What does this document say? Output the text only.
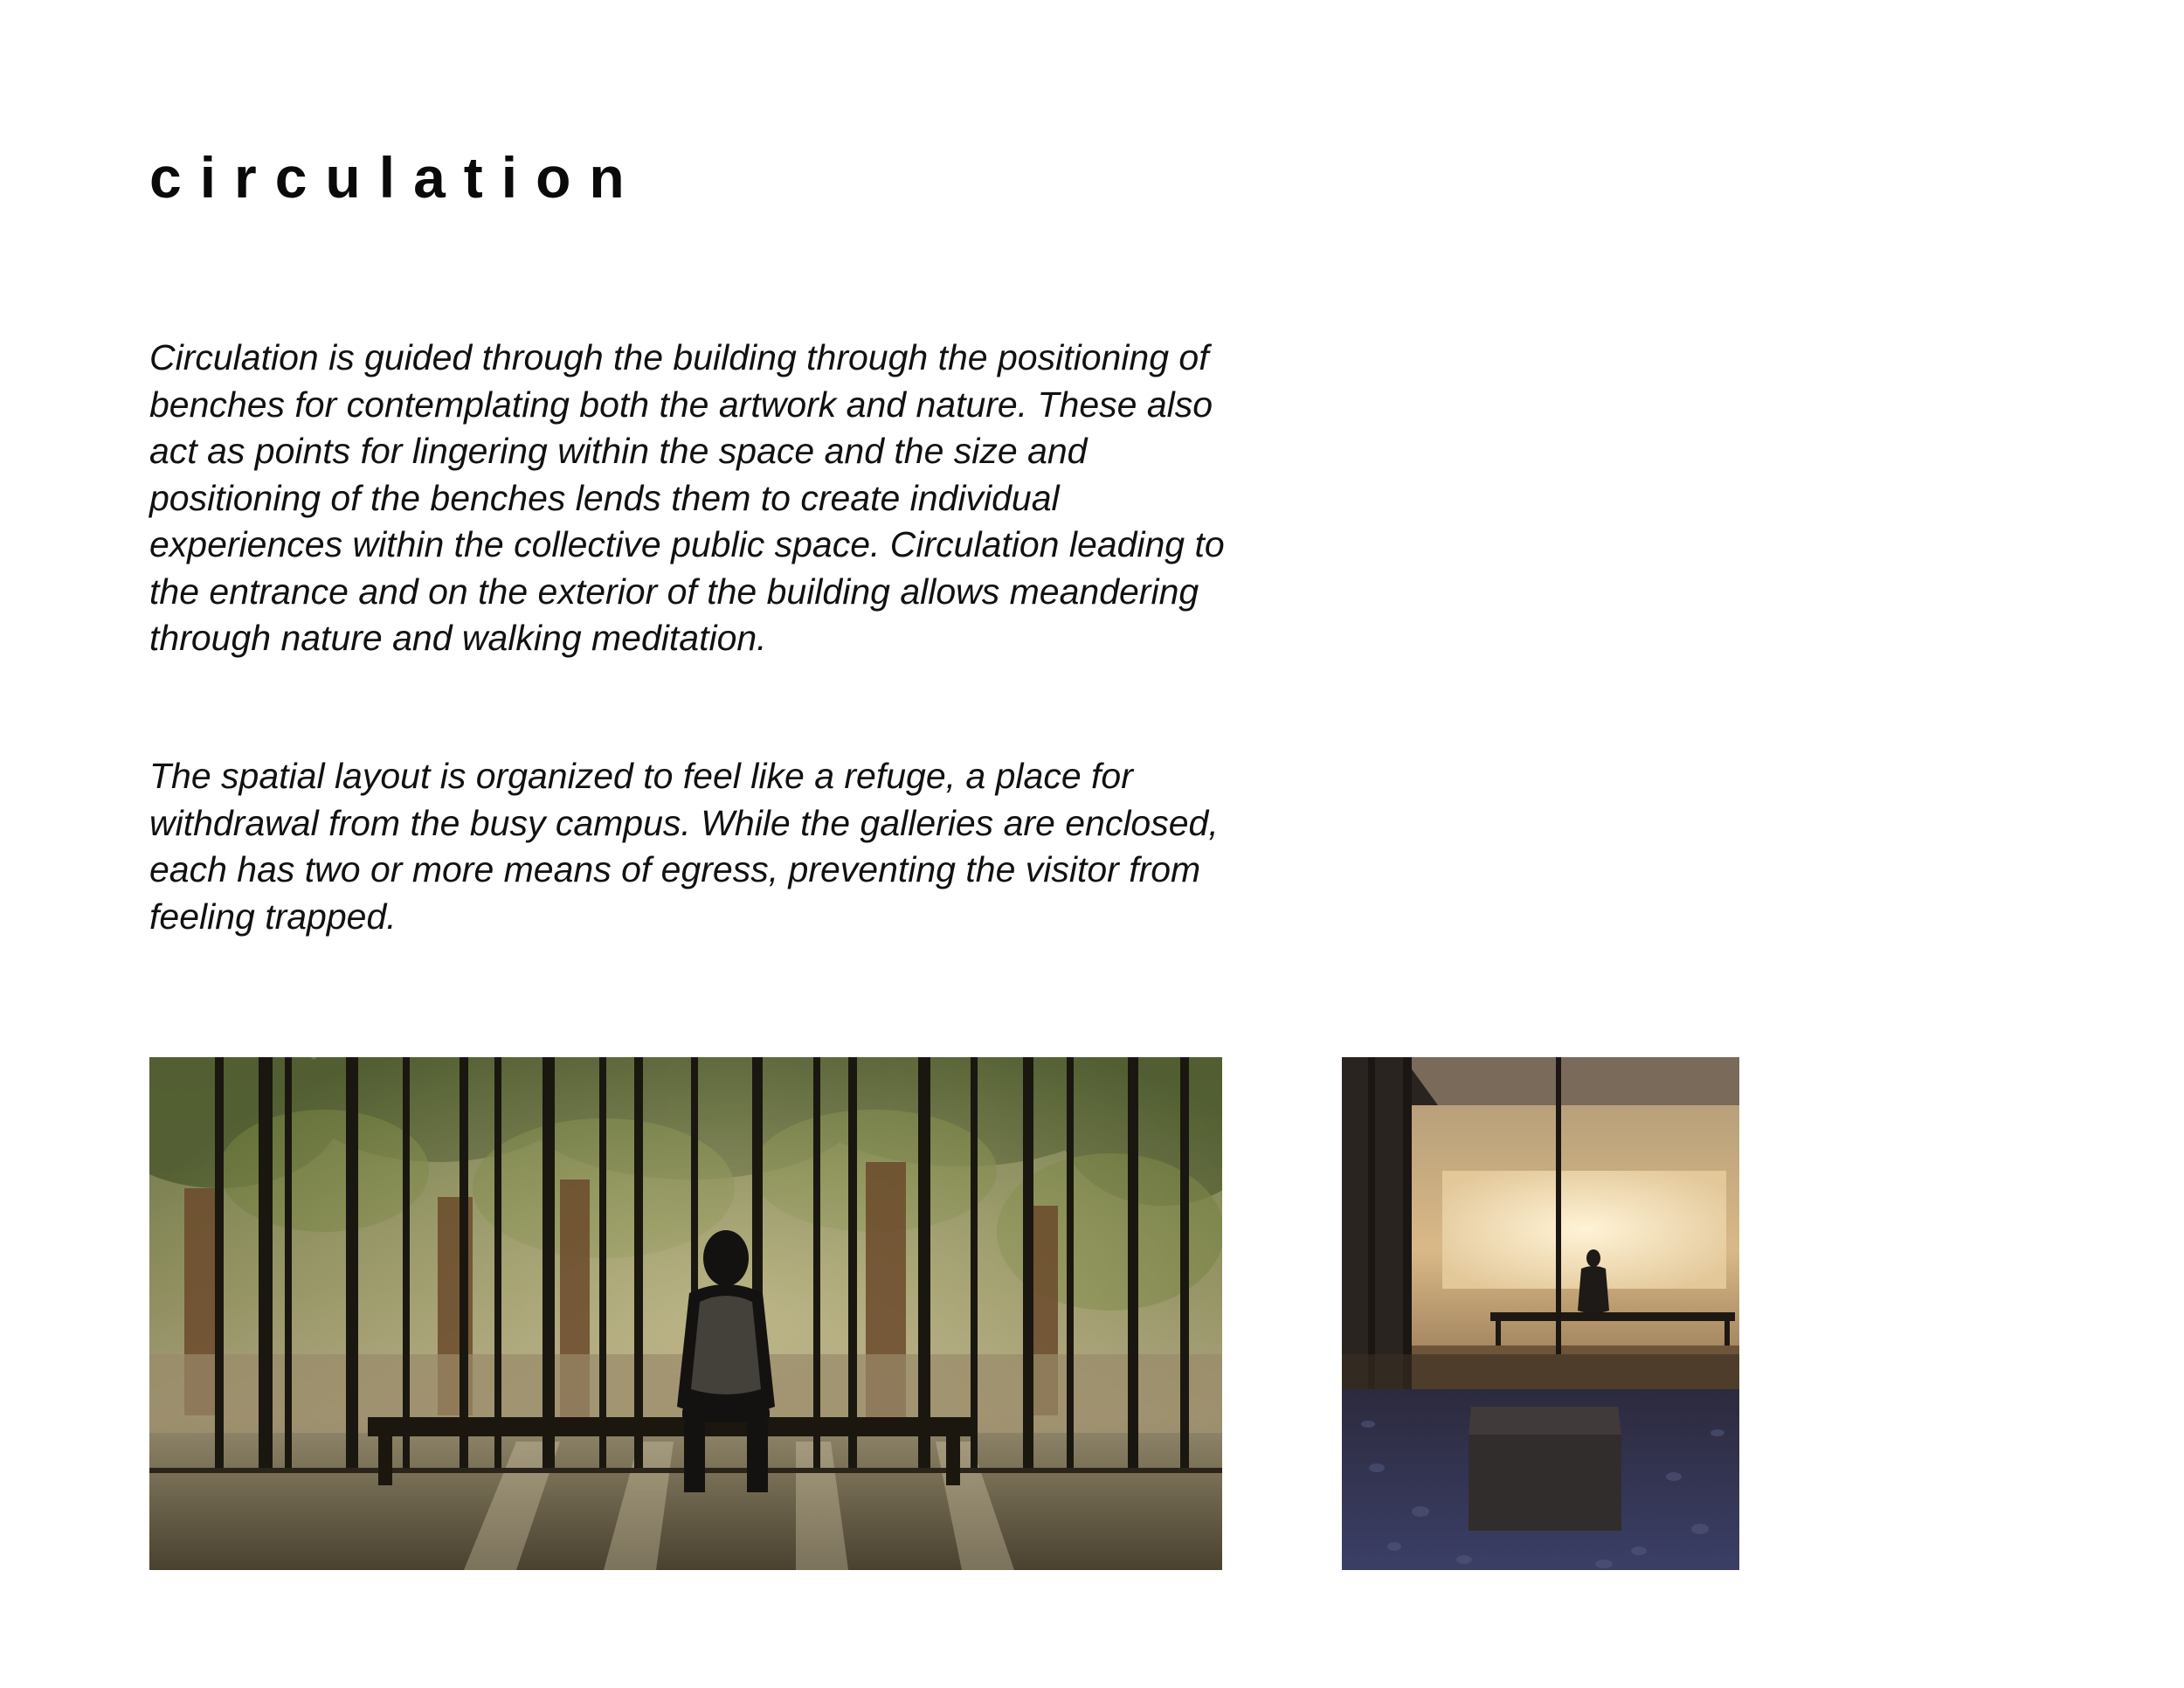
circulation

Circulation is guided through the building through the positioning of benches for contemplating both the artwork and nature. These also act as points for lingering within the space and the size and positioning of the benches lends them to create individual experiences within the collective public space. Circulation leading to the entrance and on the exterior of the building allows meandering through nature and walking meditation.

The spatial layout is organized to feel like a refuge, a place for withdrawal from the busy campus. While the galleries are enclosed, each has two or more means of egress, preventing the visitor from feeling trapped.
